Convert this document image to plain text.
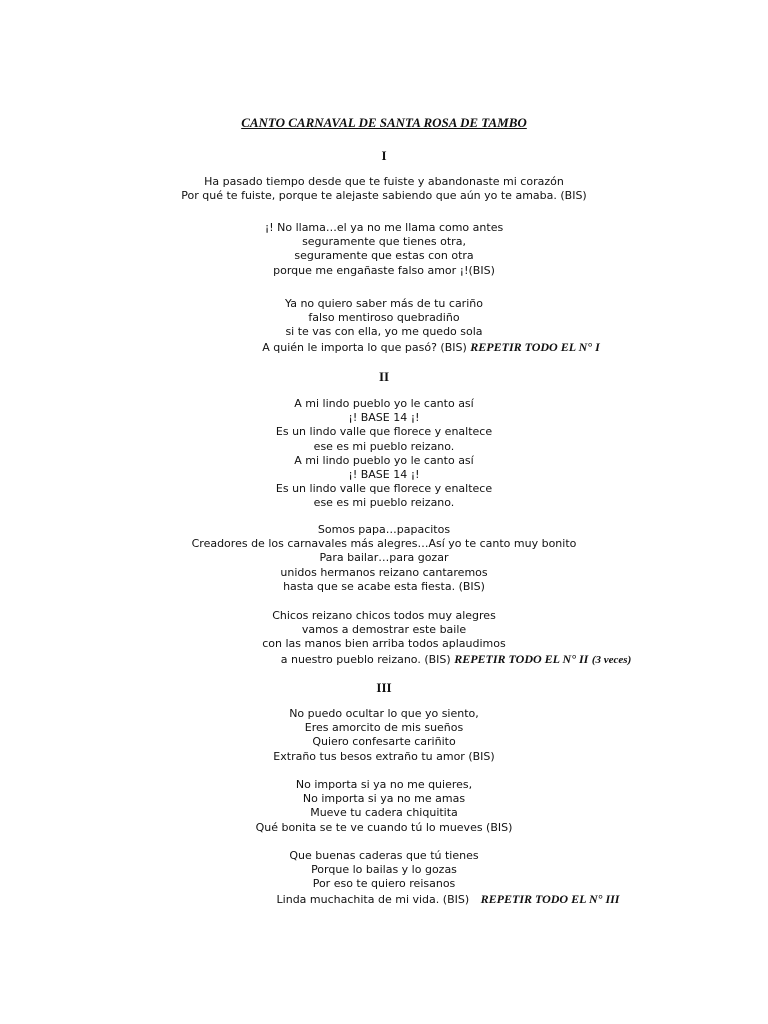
CANTO CARNAVAL DE SANTA ROSA DE TAMBO
I
Ha pasado tiempo desde que te fuiste y abandonaste mi corazón
Por qué te fuiste, porque te alejaste sabiendo que aún yo te amaba. (BIS)
¡! No llama…el ya no me llama como antes
seguramente que tienes otra,
seguramente que estas con otra
porque me engañaste falso amor ¡!(BIS)
Ya no quiero saber más de tu cariño
falso mentiroso quebradiño
si te vas con ella, yo me quedo sola
A quién le importa lo que pasó? (BIS) REPETIR TODO EL N° I
II
A mi lindo pueblo yo le canto así
¡! BASE 14 ¡!
Es un lindo valle que florece y enaltece
ese es mi pueblo reizano.
A mi lindo pueblo yo le canto así
¡! BASE 14 ¡!
Es un lindo valle que florece y enaltece
ese es mi pueblo reizano.
Somos papa…papacitos
Creadores de los carnavales más alegres…Así yo te canto muy bonito
Para bailar…para gozar
unidos hermanos reizano cantaremos
hasta que se acabe esta fiesta. (BIS)
Chicos reizano chicos todos muy alegres
vamos a demostrar este baile
con las manos bien arriba todos aplaudimos
a nuestro pueblo reizano. (BIS) REPETIR TODO EL N° II (3 veces)
III
No puedo ocultar lo que yo siento,
Eres amorcito de mis sueños
Quiero confesarte cariñito
Extraño tus besos extraño tu amor (BIS)
No importa si ya no me quieres,
No importa si ya no me amas
Mueve tu cadera chiquitita
Qué bonita se te ve cuando tú lo mueves (BIS)
Que buenas caderas que tú tienes
Porque lo bailas y lo gozas
Por eso te quiero reisanos
Linda muchachita de mi vida. (BIS) REPETIR TODO EL N° III
